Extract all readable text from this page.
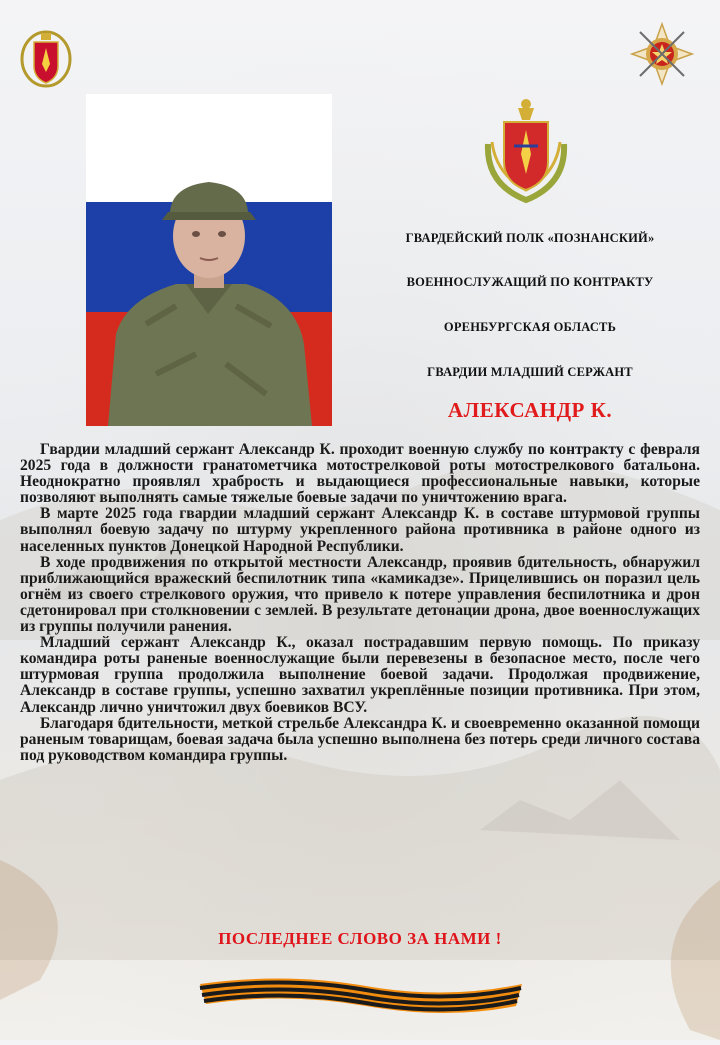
ГВАРДЕЙСКИЙ ПОЛК «ПОЗНАНСКИЙ»
ВОЕННОСЛУЖАЩИЙ ПО КОНТРАКТУ
ОРЕНБУРГСКАЯ ОБЛАСТЬ
ГВАРДИИ МЛАДШИЙ СЕРЖАНТ
АЛЕКСАНДР К.

Гвардии младший сержант Александр К. проходит военную службу по контракту с февраля 2025 года в должности гранатометчика мотострелковой роты мотострелкового батальона. Неоднократно проявлял храбрость и выдающиеся профессиональные навыки, которые позволяют выполнять самые тяжелые боевые задачи по уничтожению врага.

В марте 2025 года гвардии младший сержант Александр К. в составе штурмовой группы выполнял боевую задачу по штурму укрепленного района противника в районе одного из населенных пунктов Донецкой Народной Республики.

В ходе продвижения по открытой местности Александр, проявив бдительность, обнаружил приближающийся вражеский беспилотник типа «камикадзе». Прицелившись он поразил цель огнём из своего стрелкового оружия, что привело к потере управления беспилотника и дрон сдетонировал при столкновении с землей. В результате детонации дрона, двое военнослужащих из группы получили ранения.

Младший сержант Александр К., оказал пострадавшим первую помощь. По приказу командира роты раненые военнослужащие были перевезены в безопасное место, после чего штурмовая группа продолжила выполнение боевой задачи. Продолжая продвижение, Александр в составе группы, успешно захватил укреплённые позиции противника. При этом, Александр лично уничтожил двух боевиков ВСУ.

Благодаря бдительности, меткой стрельбе Александра К. и своевременно оказанной помощи раненым товарищам, боевая задача была успешно выполнена без потерь среди личного состава под руководством командира группы.

ПОСЛЕДНЕЕ СЛОВО ЗА НАМИ !
